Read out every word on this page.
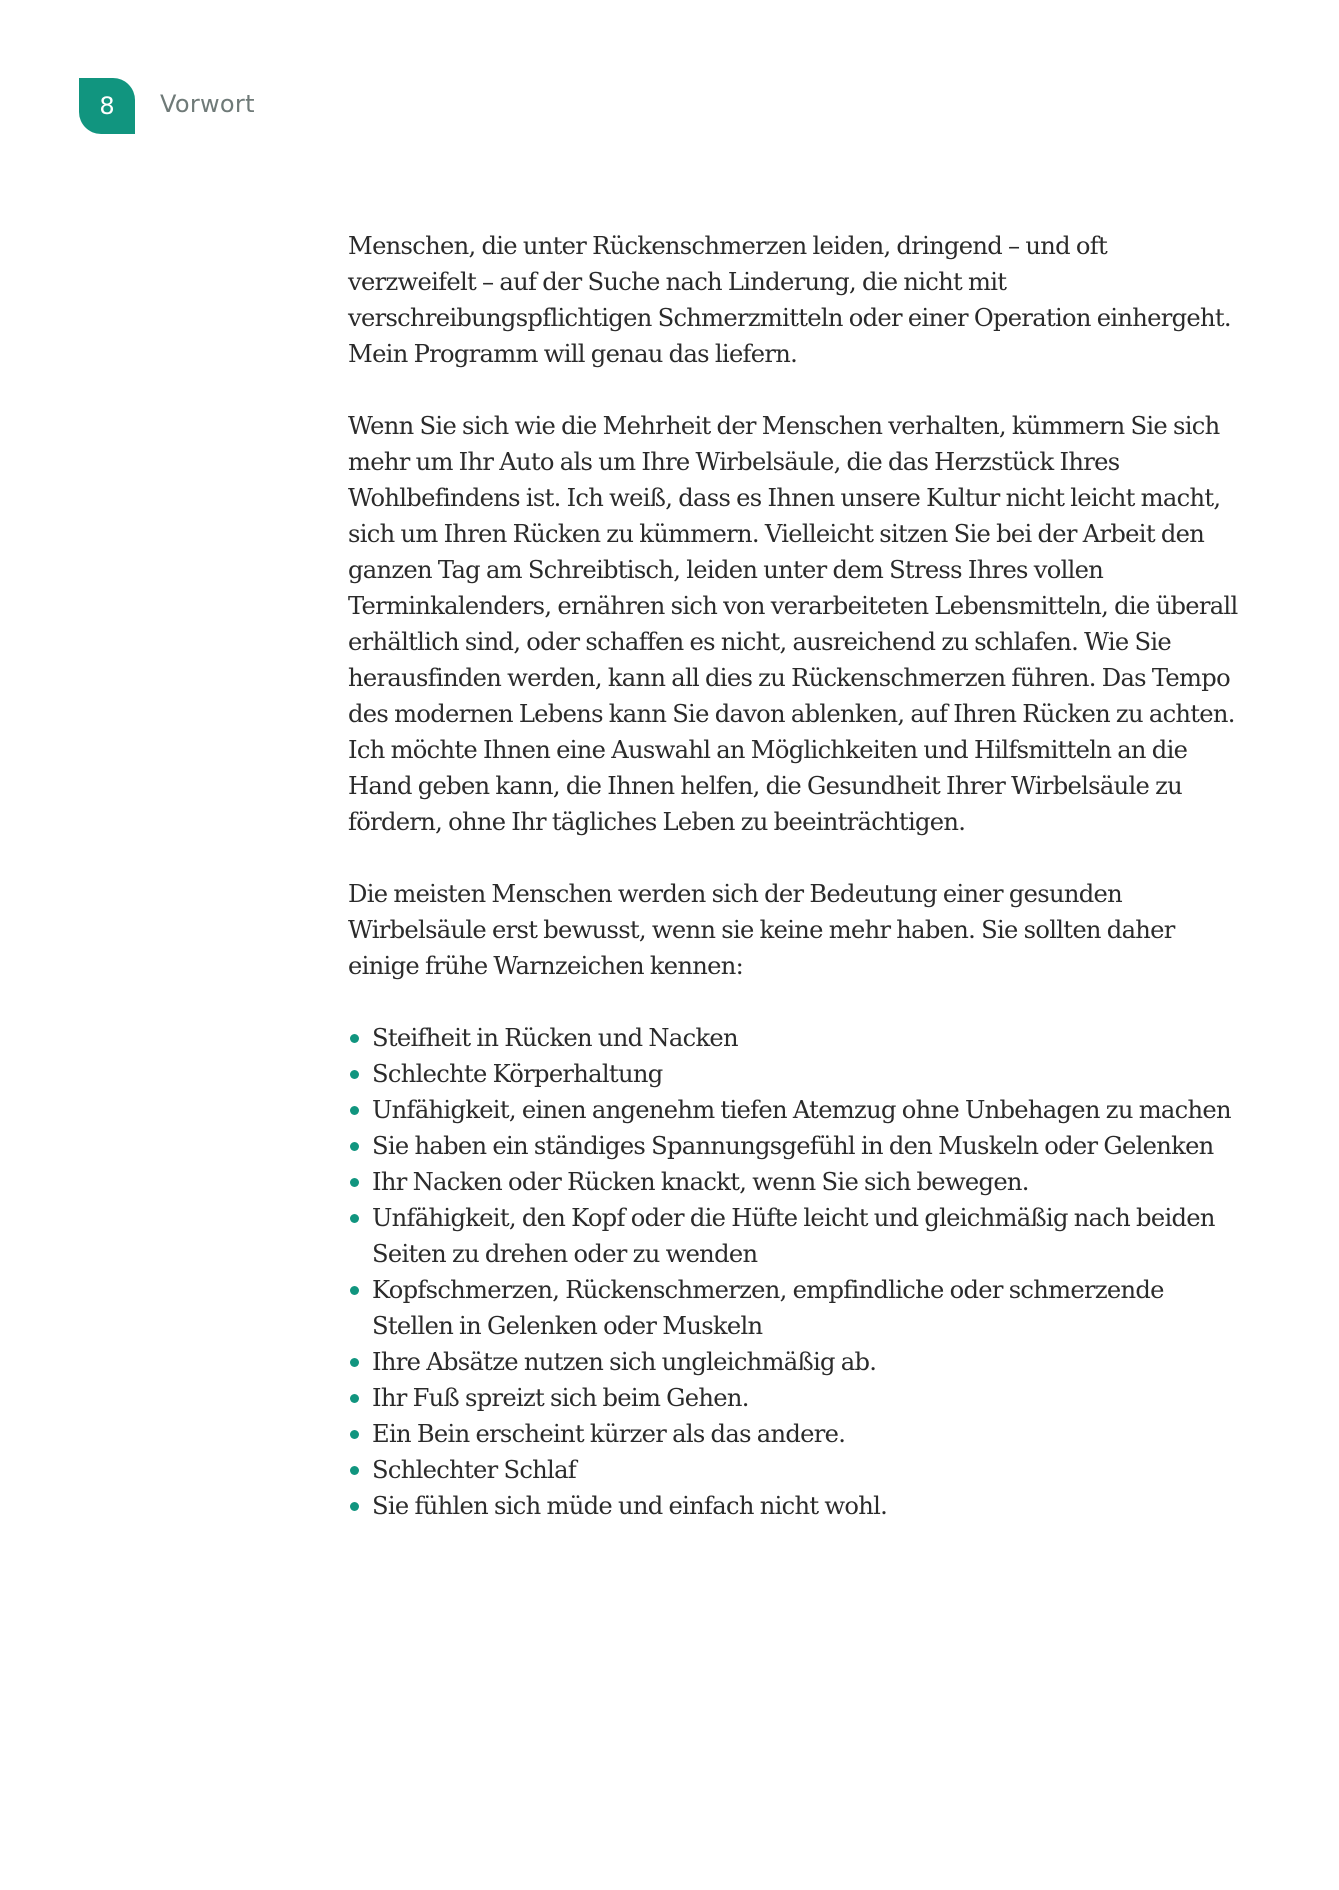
8 Vorwort

Menschen, die unter Rückenschmerzen leiden, dringend – und oft verzweifelt – auf der Suche nach Linderung, die nicht mit verschreibungspflichtigen Schmerzmitteln oder einer Operation einhergeht. Mein Programm will genau das liefern.

Wenn Sie sich wie die Mehrheit der Menschen verhalten, kümmern Sie sich mehr um Ihr Auto als um Ihre Wirbelsäule, die das Herzstück Ihres Wohlbefindens ist. Ich weiß, dass es Ihnen unsere Kultur nicht leicht macht, sich um Ihren Rücken zu kümmern. Vielleicht sitzen Sie bei der Arbeit den ganzen Tag am Schreibtisch, leiden unter dem Stress Ihres vollen Terminkalenders, ernähren sich von verarbeiteten Lebensmitteln, die überall erhältlich sind, oder schaffen es nicht, ausreichend zu schlafen. Wie Sie herausfinden werden, kann all dies zu Rückenschmerzen führen. Das Tempo des modernen Lebens kann Sie davon ablenken, auf Ihren Rücken zu achten. Ich möchte Ihnen eine Auswahl an Möglichkeiten und Hilfsmitteln an die Hand geben kann, die Ihnen helfen, die Gesundheit Ihrer Wirbelsäule zu fördern, ohne Ihr tägliches Leben zu beeinträchtigen.

Die meisten Menschen werden sich der Bedeutung einer gesunden Wirbelsäule erst bewusst, wenn sie keine mehr haben. Sie sollten daher einige frühe Warnzeichen kennen:

Steifheit in Rücken und Nacken
Schlechte Körperhaltung
Unfähigkeit, einen angenehm tiefen Atemzug ohne Unbehagen zu machen
Sie haben ein ständiges Spannungsgefühl in den Muskeln oder Gelenken
Ihr Nacken oder Rücken knackt, wenn Sie sich bewegen.
Unfähigkeit, den Kopf oder die Hüfte leicht und gleichmäßig nach beiden Seiten zu drehen oder zu wenden
Kopfschmerzen, Rückenschmerzen, empfindliche oder schmerzende Stellen in Gelenken oder Muskeln
Ihre Absätze nutzen sich ungleichmäßig ab.
Ihr Fuß spreizt sich beim Gehen.
Ein Bein erscheint kürzer als das andere.
Schlechter Schlaf
Sie fühlen sich müde und einfach nicht wohl.
